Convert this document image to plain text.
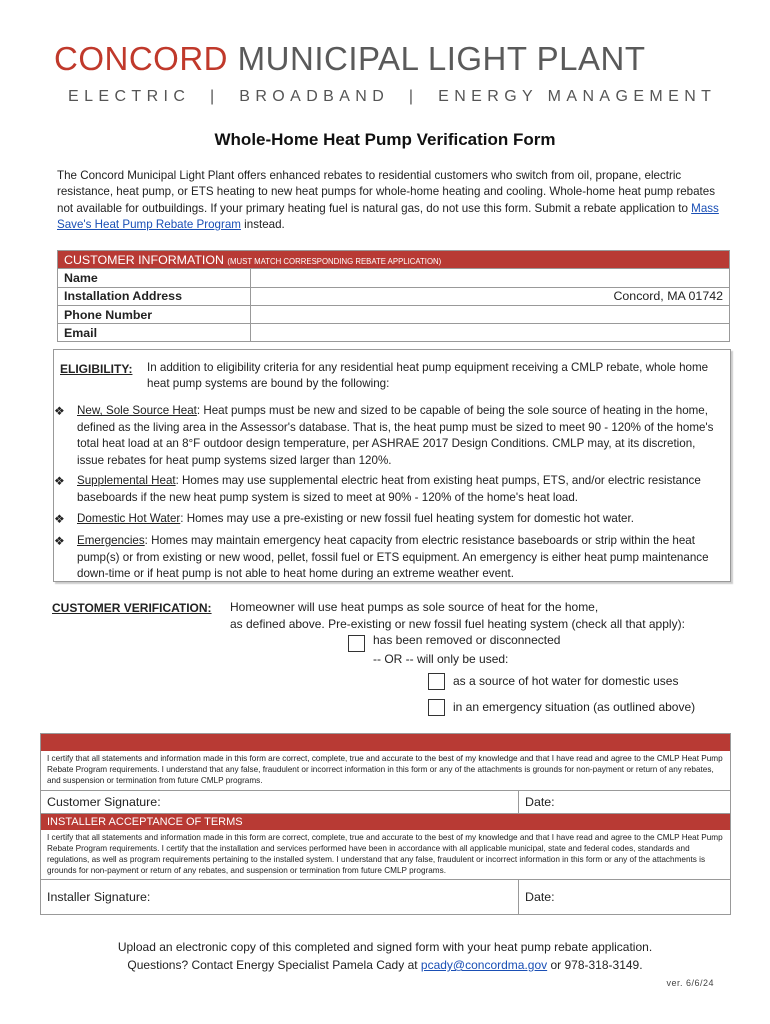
CONCORD MUNICIPAL LIGHT PLANT
ELECTRIC  |  BROADBAND  |  ENERGY MANAGEMENT
Whole-Home Heat Pump Verification Form
The Concord Municipal Light Plant offers enhanced rebates to residential customers who switch from oil, propane, electric resistance, heat pump, or ETS heating to new heat pumps for whole-home heating and cooling. Whole-home heat pump rebates not available for outbuildings. If your primary heating fuel is natural gas, do not use this form. Submit a rebate application to Mass Save's Heat Pump Rebate Program instead.
CUSTOMER INFORMATION (MUST MATCH CORRESPONDING REBATE APPLICATION)	
Name	
Installation Address	Concord, MA 01742
Phone Number	
Email	
ELIGIBILITY: In addition to eligibility criteria for any residential heat pump equipment receiving a CMLP rebate, whole home heat pump systems are bound by the following:
❖ New, Sole Source Heat: Heat pumps must be new and sized to be capable of being the sole source of heating in the home, defined as the living area in the Assessor's database. That is, the heat pump must be sized to meet 90 - 120% of the home's total heat load at an 8°F outdoor design temperature, per ASHRAE 2017 Design Conditions. CMLP may, at its discretion, issue rebates for heat pump systems sized larger than 120%.
❖ Supplemental Heat: Homes may use supplemental electric heat from existing heat pumps, ETS, and/or electric resistance baseboards if the new heat pump system is sized to meet at 90% - 120% of the home's heat load.
❖ Domestic Hot Water: Homes may use a pre-existing or new fossil fuel heating system for domestic hot water.
❖ Emergencies: Homes may maintain emergency heat capacity from electric resistance baseboards or strip within the heat pump(s) or from existing or new wood, pellet, fossil fuel or ETS equipment. An emergency is either heat pump maintenance down-time or if heat pump is not able to heat home during an extreme weather event.
CUSTOMER VERIFICATION: Homeowner will use heat pumps as sole source of heat for the home,
as defined above. Pre-existing or new fossil fuel heating system (check all that apply):
has been removed or disconnected
-- OR -- will only be used:
as a source of hot water for domestic uses
in an emergency situation (as outlined above)
I certify that all statements and information made in this form are correct, complete, true and accurate to the best of my knowledge and that I have read and agree to the CMLP Heat Pump Rebate Program requirements. I understand that any false, fraudulent or incorrect information in this form or any of the attachments is grounds for non-payment or return of any rebates, and suspension or termination from future CMLP programs.
Customer Signature:	Date:
INSTALLER ACCEPTANCE OF TERMS
I certify that all statements and information made in this form are correct, complete, true and accurate to the best of my knowledge and that I have read and agree to the CMLP Heat Pump Rebate Program requirements. I certify that the installation and services performed have been in accordance with all applicable municipal, state and federal codes, standards and regulations, as well as program requirements pertaining to the installed system. I understand that any false, fraudulent or incorrect information in this form or any of the attachments is grounds for non-payment or return of any rebates, and suspension or termination from future CMLP programs.
Installer Signature:	Date:
Upload an electronic copy of this completed and signed form with your heat pump rebate application.
Questions? Contact Energy Specialist Pamela Cady at pcady@concordma.gov or 978-318-3149.
ver. 6/6/24
